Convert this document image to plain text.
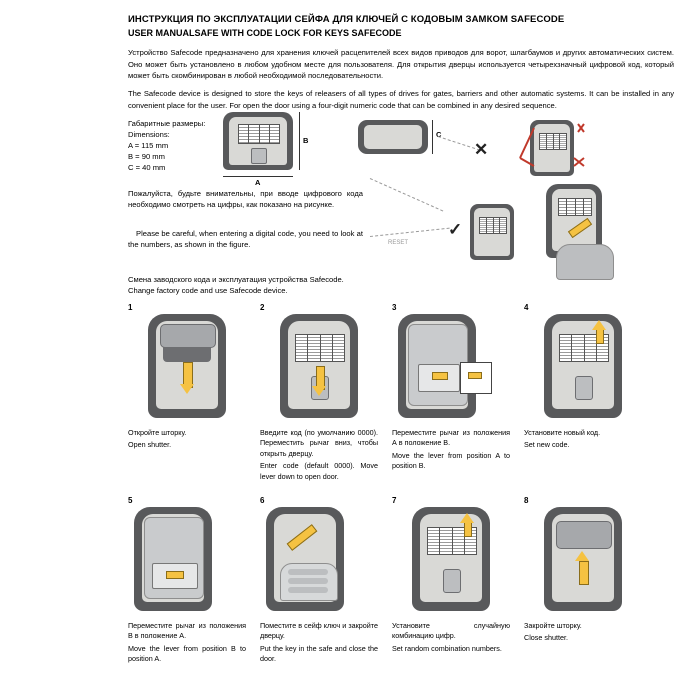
ИНСТРУКЦИЯ ПО ЭКСПЛУАТАЦИИ СЕЙФА ДЛЯ КЛЮЧЕЙ С КОДОВЫМ ЗАМКОМ SAFECODE
USER MANUALSAFE WITH CODE LOCK FOR KEYS SAFECODE
Устройство Safecode предназначено для хранения ключей расцепителей всех видов приводов для ворот, шлагбаумов и других автоматических систем. Оно может быть установлено в любом удобном месте для пользователя. Для открытия дверцы используется четырехзначный цифровой код, который может быть скомбинирован в любой необходимой последовательности.
The Safecode device is designed to store the keys of releasers of all types of drives for gates, barriers and other automatic systems. It can be installed in any convenient place for the user. For open the door using a four-digit numeric code that can be combined in any desired sequence.
Габаритные размеры:
Dimensions:
A = 115 mm
B = 90 mm
C = 40 mm
Пожалуйста, будьте внимательны, при вводе цифрового кода необходимо смотреть на цифры, как показано на рисунке.
Please be careful, when entering a digital code, you need to look at the numbers, as shown in the figure.
B
A
C
✕
✓
RESET
Смена заводского кода и эксплуатация устройства Safecode.
Change factory code and use Safecode device.
1
Откройте шторку.
Open shutter.
2
Введите код (по умолчанию 0000). Переместить рычаг вниз, чтобы открыть дверцу.
Enter code (default 0000). Move lever down to open door.
3
Переместите рычаг из положения А в положение В.
Move the lever from position A to position B.
4
Установите новый код.
Set new code.
5
Переместите рычаг из положения В в положение А.
Move the lever from position B to position A.
6
Поместите в сейф ключ и закройте дверцу.
Put the key in the safe and close the door.
7
Установите случайную комбинацию цифр.
Set random combination numbers.
8
Закройте шторку.
Close shutter.
